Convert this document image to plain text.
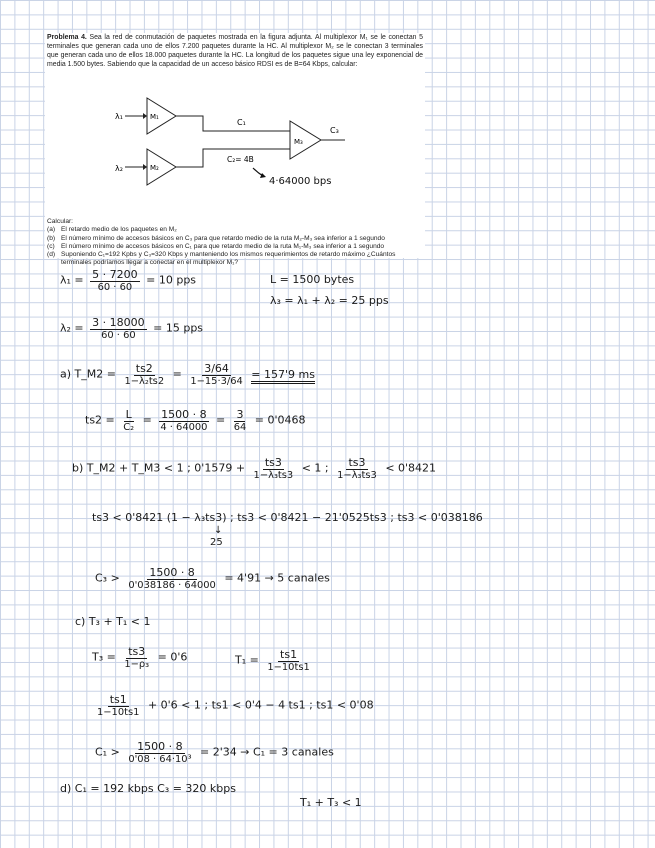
Problema 4. Sea la red de conmutación de paquetes mostrada en la figura adjunta. Al multiplexor M₁ se le conectan 5 terminales que generan cada uno de ellos 7.200 paquetes durante la HC. Al multiplexor M₂ se le conectan 3 terminales que generan cada uno de ellos 18.000 paquetes durante la HC. La longitud de los paquetes sigue una ley exponencial de media 1.500 bytes. Sabiendo que la capacidad de un acceso básico RDSI es de B=64 Kbps, calcular:

λ₁
λ₂
M₁
M₂
C₁
C₂= 4B
M₃
C₃
4·64000 bps
Calcular:
(a) El retardo medio de los paquetes en M₂
(b) El número mínimo de accesos básicos en C₃ para que retardo medio de la ruta M₂-M₃ sea inferior a 1 segundo
(c) El número mínimo de accesos básicos en C₁ para que retardo medio de la ruta M₁-M₃ sea inferior a 1 segundo
(d) Suponiendo C₁=192 Kpbs y C₃=320 Kbps y manteniendo los mismos requerimientos de retardo máximo ¿Cuántos terminales podríamos llegar a conectar en el multiplexor M₁?
$\lambda_1 = \frac{5 \cdot 7200}{60 \cdot 60} = 10$ pps	L = 1500 bytes
λ₃ = λ₁ + λ₂ = 25 pps
$\lambda_2 = \frac{3 \cdot 18000}{60 \cdot 60} = 15$ pps
a) T_M2 = $\frac{ts2}{\text{1−λ₂ts2}} = \frac{3/64}{1-15\cdot 3/64} = 157'9$ ms
$ts2 = \frac{L}{\text{C₂}} = \frac{1500 \cdot 8}{4 \cdot 64000} = \frac{3}{64} = 0'0468$
b) T_M2 + T_M3 < 1 ; $0'1579 + \frac{ts3}{\text{1−λ₃ts3}} < 1$ ; $\frac{ts3}{\text{1−λ₃ts3}} < 0'8421$
ts3 < 0'8421 (1 − λ₃ts3) ; ts3 < 0'8421 − 21'0525ts3 ; ts3 < 0'038186
↓
25
$C_3 > \frac{1500 \cdot 8}{0'038186 \cdot 64000} = 4'91 \to 5$ canales
c) T₃ + T₁ < 1
$T_3 = \frac{ts3}{\text{1−ρ₃}} = 0'6$	$T_1 = \frac{ts1}{1-10ts1}$
$\frac{ts1}{1-10ts1} + 0'6 < 1$ ; ts1 < 0'4 − 4 ts1 ; ts1 < 0'08
$C_1 > \frac{1500 \cdot 8}{\text{0'08 · 64·10³}} = 2'34 \to C_1 = 3$ canales
d) C₁ = 192 kbps C₃ = 320 kbps
T₁ + T₃ < 1
